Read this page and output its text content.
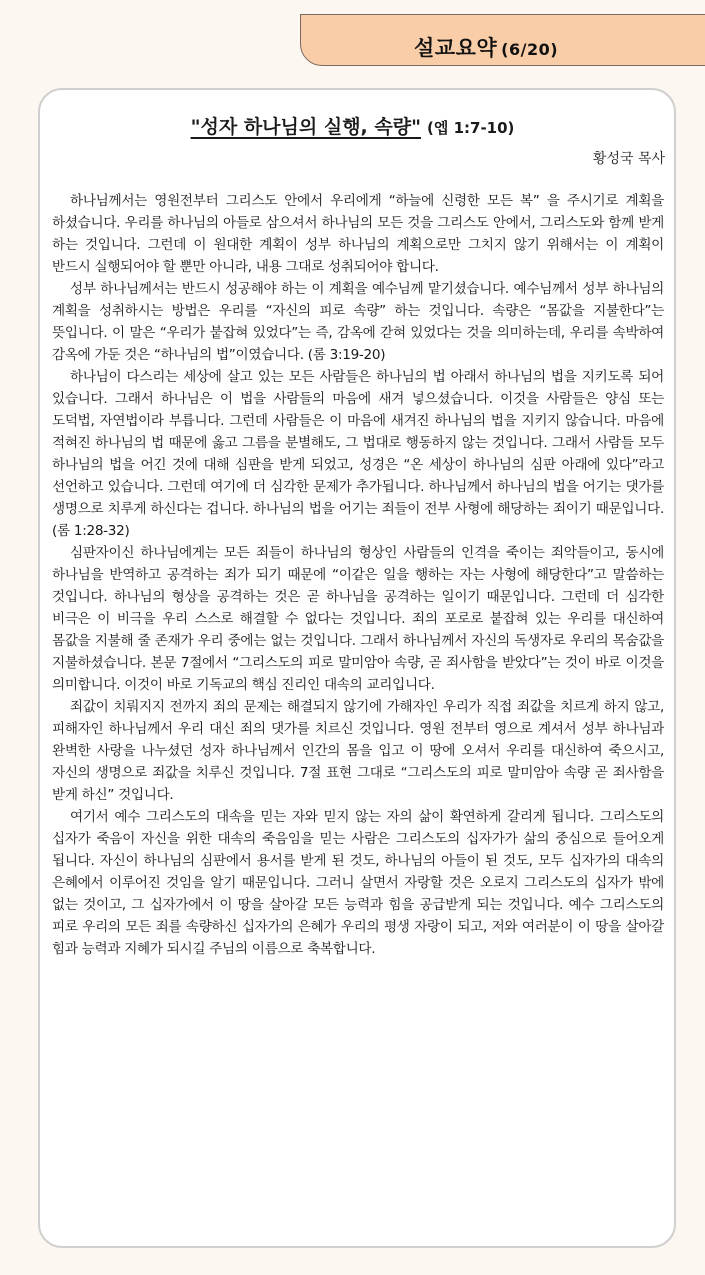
설교요약 (6/20)
"성자 하나님의 실행, 속량" (엡 1:7-10)
황성국 목사

하나님께서는 영원전부터 그리스도 안에서 우리에게 “하늘에 신령한 모든 복” 을 주시기로 계획을 하셨습니다. 우리를 하나님의 아들로 삼으셔서 하나님의 모든 것을 그리스도 안에서, 그리스도와 함께 받게 하는 것입니다. 그런데 이 원대한 계획이 성부 하나님의 계획으로만 그치지 않기 위해서는 이 계획이 반드시 실행되어야 할 뿐만 아니라, 내용 그대로 성취되어야 합니다.

성부 하나님께서는 반드시 성공해야 하는 이 계획을 예수님께 맡기셨습니다. 예수님께서 성부 하나님의 계획을 성취하시는 방법은 우리를 “자신의 피로 속량” 하는 것입니다. 속량은 “몸값을 지불한다”는 뜻입니다. 이 말은 “우리가 붙잡혀 있었다”는 즉, 감옥에 갇혀 있었다는 것을 의미하는데, 우리를 속박하여 감옥에 가둔 것은 “하나님의 법”이였습니다. (롬 3:19-20)

하나님이 다스리는 세상에 살고 있는 모든 사람들은 하나님의 법 아래서 하나님의 법을 지키도록 되어 있습니다. 그래서 하나님은 이 법을 사람들의 마음에 새겨 넣으셨습니다. 이것을 사람들은 양심 또는 도덕법, 자연법이라 부릅니다. 그런데 사람들은 이 마음에 새겨진 하나님의 법을 지키지 않습니다. 마음에 적혀진 하나님의 법 때문에 옳고 그름을 분별해도, 그 법대로 행동하지 않는 것입니다. 그래서 사람들 모두 하나님의 법을 어긴 것에 대해 심판을 받게 되었고, 성경은 “온 세상이 하나님의 심판 아래에 있다”라고 선언하고 있습니다. 그런데 여기에 더 심각한 문제가 추가됩니다. 하나님께서 하나님의 법을 어기는 댓가를 생명으로 치루게 하신다는 겁니다. 하나님의 법을 어기는 죄들이 전부 사형에 해당하는 죄이기 때문입니다. (롬 1:28-32)

심판자이신 하나님에게는 모든 죄들이 하나님의 형상인 사람들의 인격을 죽이는 죄악들이고, 동시에 하나님을 반역하고 공격하는 죄가 되기 때문에 “이같은 일을 행하는 자는 사형에 해당한다”고 말씀하는 것입니다. 하나님의 형상을 공격하는 것은 곧 하나님을 공격하는 일이기 때문입니다. 그런데 더 심각한 비극은 이 비극을 우리 스스로 해결할 수 없다는 것입니다. 죄의 포로로 붙잡혀 있는 우리를 대신하여 몸값을 지불해 줄 존재가 우리 중에는 없는 것입니다. 그래서 하나님께서 자신의 독생자로 우리의 목숨값을 지불하셨습니다. 본문 7절에서 “그리스도의 피로 말미암아 속량, 곧 죄사함을 받았다”는 것이 바로 이것을 의미합니다. 이것이 바로 기독교의 핵심 진리인 대속의 교리입니다.

죄값이 치뤄지지 전까지 죄의 문제는 해결되지 않기에 가해자인 우리가 직접 죄값을 치르게 하지 않고, 피해자인 하나님께서 우리 대신 죄의 댓가를 치르신 것입니다. 영원 전부터 영으로 계셔서 성부 하나님과 완벽한 사랑을 나누셨던 성자 하나님께서 인간의 몸을 입고 이 땅에 오셔서 우리를 대신하여 죽으시고, 자신의 생명으로 죄값을 치루신 것입니다. 7절 표현 그대로 “그리스도의 피로 말미암아 속량 곧 죄사함을 받게 하신” 것입니다.

여기서 예수 그리스도의 대속을 믿는 자와 믿지 않는 자의 삶이 확연하게 갈리게 됩니다. 그리스도의 십자가 죽음이 자신을 위한 대속의 죽음임을 믿는 사람은 그리스도의 십자가가 삶의 중심으로 들어오게 됩니다. 자신이 하나님의 심판에서 용서를 받게 된 것도, 하나님의 아들이 된 것도, 모두 십자가의 대속의 은혜에서 이루어진 것임을 알기 때문입니다. 그러니 살면서 자랑할 것은 오로지 그리스도의 십자가 밖에 없는 것이고, 그 십자가에서 이 땅을 살아갈 모든 능력과 힘을 공급받게 되는 것입니다. 예수 그리스도의 피로 우리의 모든 죄를 속량하신 십자가의 은혜가 우리의 평생 자랑이 되고, 저와 여러분이 이 땅을 살아갈 힘과 능력과 지혜가 되시길 주님의 이름으로 축복합니다.
